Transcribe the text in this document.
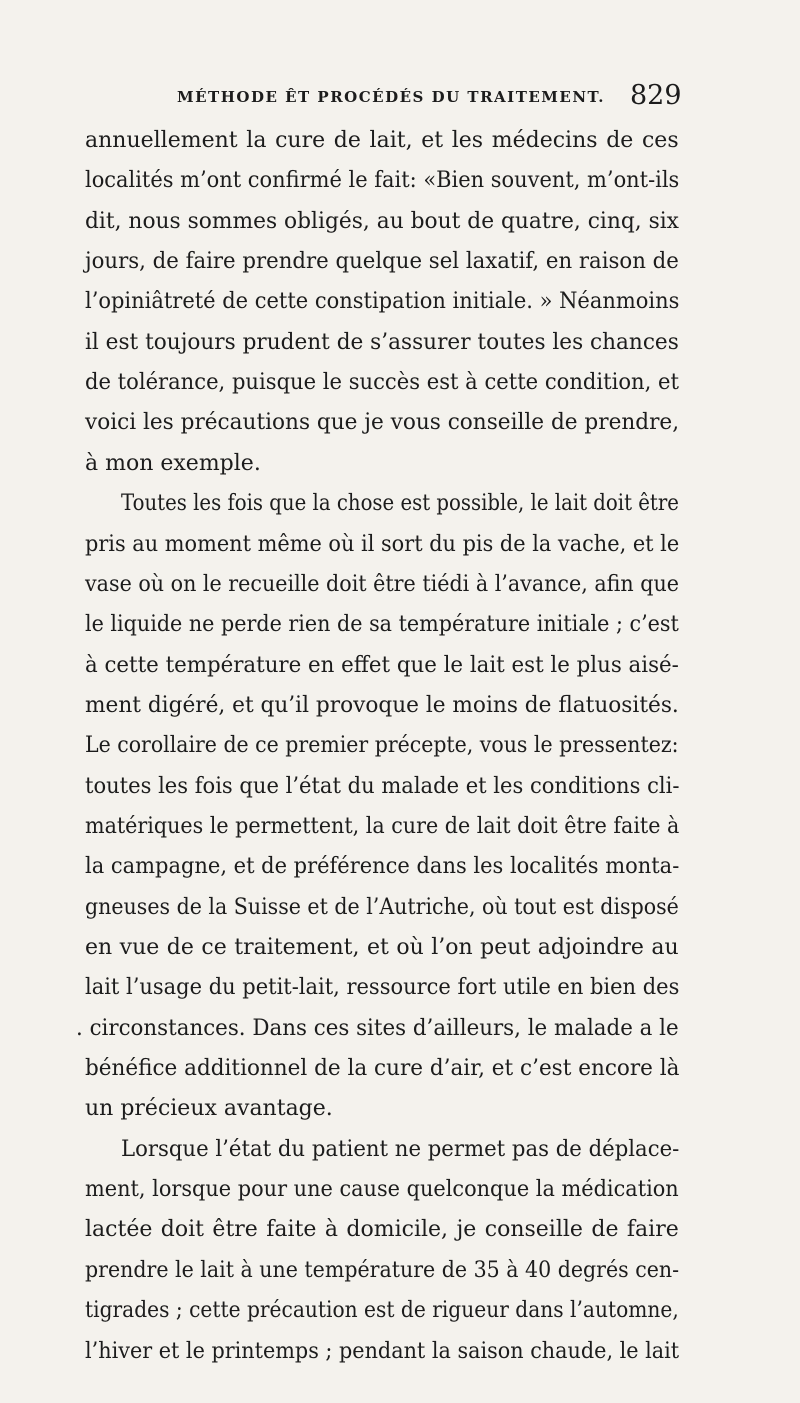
MÉTHODE ÊT PROCÉDÉS DU TRAITEMENT. 829
annuellement la cure de lait, et les médecins de ces
localités m’ont confirmé le fait: «Bien souvent, m’ont-ils
dit, nous sommes obligés, au bout de quatre, cinq, six
jours, de faire prendre quelque sel laxatif, en raison de
l’opiniâtreté de cette constipation initiale. » Néanmoins
il est toujours prudent de s’assurer toutes les chances
de tolérance, puisque le succès est à cette condition, et
voici les précautions que je vous conseille de prendre,
à mon exemple.
Toutes les fois que la chose est possible, le lait doit être
pris au moment même où il sort du pis de la vache, et le
vase où on le recueille doit être tiédi à l’avance, afin que
le liquide ne perde rien de sa température initiale ; c’est
à cette température en effet que le lait est le plus aisé-
ment digéré, et qu’il provoque le moins de flatuosités.
Le corollaire de ce premier précepte, vous le pressentez:
toutes les fois que l’état du malade et les conditions cli-
matériques le permettent, la cure de lait doit être faite à
la campagne, et de préférence dans les localités monta-
gneuses de la Suisse et de l’Autriche, où tout est disposé
en vue de ce traitement, et où l’on peut adjoindre au
lait l’usage du petit-lait, ressource fort utile en bien des
. circonstances. Dans ces sites d’ailleurs, le malade a le
bénéfice additionnel de la cure d’air, et c’est encore là
un précieux avantage.
Lorsque l’état du patient ne permet pas de déplace-
ment, lorsque pour une cause quelconque la médication
lactée doit être faite à domicile, je conseille de faire
prendre le lait à une température de 35 à 40 degrés cen-
tigrades ; cette précaution est de rigueur dans l’automne,
l’hiver et le printemps ; pendant la saison chaude, le lait
